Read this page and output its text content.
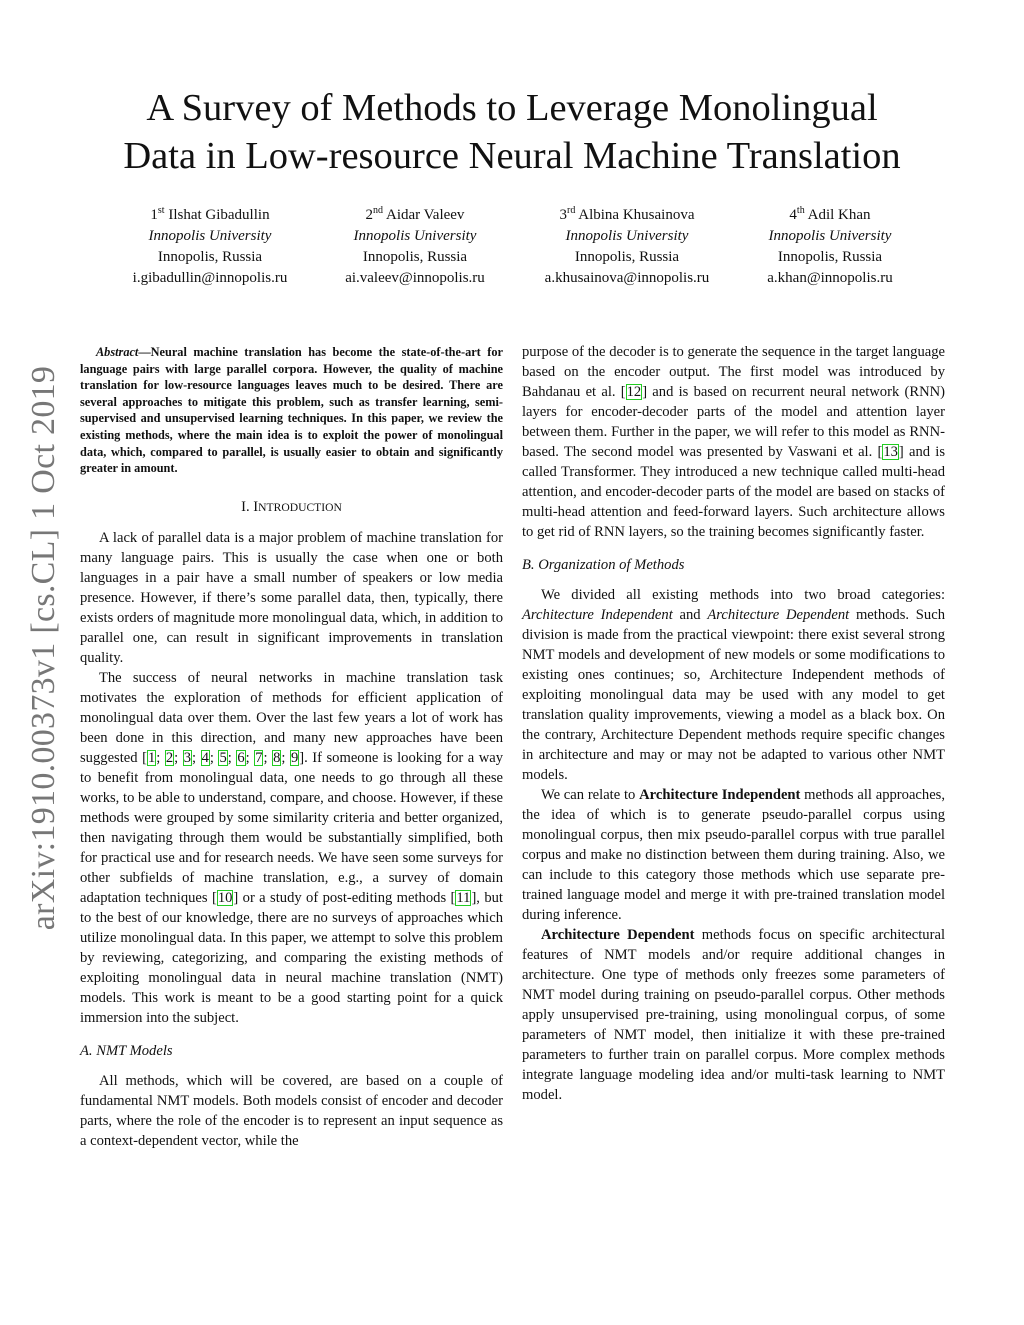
arXiv:1910.00373v1 [cs.CL] 1 Oct 2019
A Survey of Methods to Leverage Monolingual
Data in Low-resource Neural Machine Translation
1st Ilshat Gibadullin
Innopolis University
Innopolis, Russia
i.gibadullin@innopolis.ru
2nd Aidar Valeev
Innopolis University
Innopolis, Russia
ai.valeev@innopolis.ru
3rd Albina Khusainova
Innopolis University
Innopolis, Russia
a.khusainova@innopolis.ru
4th Adil Khan
Innopolis University
Innopolis, Russia
a.khan@innopolis.ru

Abstract—Neural machine translation has become the state-of-the-art for language pairs with large parallel corpora. However, the quality of machine translation for low-resource languages leaves much to be desired. There are several approaches to mitigate this problem, such as transfer learning, semi-supervised and unsupervised learning techniques. In this paper, we review the existing methods, where the main idea is to exploit the power of monolingual data, which, compared to parallel, is usually easier to obtain and significantly greater in amount.

I. INTRODUCTION

A lack of parallel data is a major problem of machine translation for many language pairs. This is usually the case when one or both languages in a pair have a small number of speakers or low media presence. However, if there’s some parallel data, then, typically, there exists orders of magnitude more monolingual data, which, in addition to parallel one, can result in significant improvements in translation quality.

The success of neural networks in machine translation task motivates the exploration of methods for efficient application of monolingual data over them. Over the last few years a lot of work has been done in this direction, and many new approaches have been suggested [1; 2; 3; 4; 5; 6; 7; 8; 9]. If someone is looking for a way to benefit from monolingual data, one needs to go through all these works, to be able to understand, compare, and choose. However, if these methods were grouped by some similarity criteria and better organized, then navigating through them would be substantially simplified, both for practical use and for research needs. We have seen some surveys for other subfields of machine translation, e.g., a survey of domain adaptation techniques [10] or a study of post-editing methods [11], but to the best of our knowledge, there are no surveys of approaches which utilize monolingual data. In this paper, we attempt to solve this problem by reviewing, categorizing, and comparing the existing methods of exploiting monolingual data in neural machine translation (NMT) models. This work is meant to be a good starting point for a quick immersion into the subject.

A. NMT Models

All methods, which will be covered, are based on a couple of fundamental NMT models. Both models consist of encoder and decoder parts, where the role of the encoder is to represent an input sequence as a context-dependent vector, while the

purpose of the decoder is to generate the sequence in the target language based on the encoder output. The first model was introduced by Bahdanau et al. [12] and is based on recurrent neural network (RNN) layers for encoder-decoder parts of the model and attention layer between them. Further in the paper, we will refer to this model as RNN-based. The second model was presented by Vaswani et al. [13] and is called Transformer. They introduced a new technique called multi-head attention, and encoder-decoder parts of the model are based on stacks of multi-head attention and feed-forward layers. Such architecture allows to get rid of RNN layers, so the training becomes significantly faster.

B. Organization of Methods

We divided all existing methods into two broad categories: Architecture Independent and Architecture Dependent methods. Such division is made from the practical viewpoint: there exist several strong NMT models and development of new models or some modifications to existing ones continues; so, Architecture Independent methods of exploiting monolingual data may be used with any model to get translation quality improvements, viewing a model as a black box. On the contrary, Architecture Dependent methods require specific changes in architecture and may or may not be adapted to various other NMT models.

We can relate to Architecture Independent methods all approaches, the idea of which is to generate pseudo-parallel corpus using monolingual corpus, then mix pseudo-parallel corpus with true parallel corpus and make no distinction between them during training. Also, we can include to this category those methods which use separate pre-trained language model and merge it with pre-trained translation model during inference.

Architecture Dependent methods focus on specific architectural features of NMT models and/or require additional changes in architecture. One type of methods only freezes some parameters of NMT model during training on pseudo-parallel corpus. Other methods apply unsupervised pre-training, using monolingual corpus, of some parameters of NMT model, then initialize it with these pre-trained parameters to further train on parallel corpus. More complex methods integrate language modeling idea and/or multi-task learning to NMT model.
